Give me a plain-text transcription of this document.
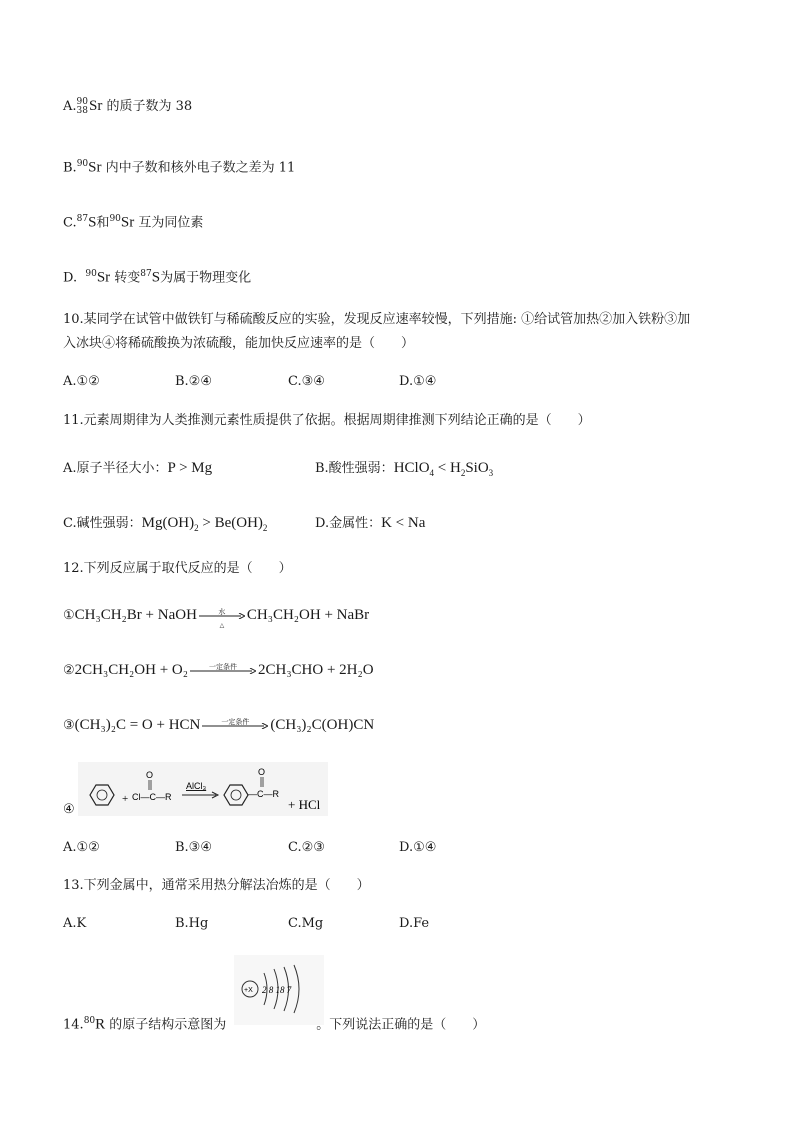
A. 90
38 Sr 的质子数为 38
B.$^{90}$Sr 内中子数和核外电子数之差为 11
C.$^{87}$S和$^{90}$Sr 互为同位素
D. $^{90}$Sr 转变$^{87}$S为属于物理变化
10.某同学在试管中做铁钉与稀硫酸反应的实验，发现反应速率较慢，下列措施: ①给试管加热②加入铁粉③加
入冰块④将稀硫酸换为浓硫酸，能加快反应速率的是（　　）
A.①②	B.②④	C.③④	D.①④
11.元素周期律为人类推测元素性质提供了依据。根据周期律推测下列结论正确的是（　　）
A.原子半径大小：P > Mg	B.酸性强弱：HClO$_4$ < $H_2SiO_3$
C.碱性强弱：$Mg(OH)_2 > Be(OH)_2$	D.金属性：K < Na
12.下列反应属于取代反应的是（　　）
①CH₃CH₂Br + NaOH	水
△
CH₃CH₂OH + NaBr
②2CH₃CH₂OH + O₂	一定条件	2CH₃CHO + 2H₂O
③(CH₃)₂C = O + HCN	一定条件	(CH₃)₂C(OH)CN
④
+
O
Cl—C—R
AlCl₃
O
—C—R
+ HCl
A.①②	B.③④	C.②③	D.①④
13.下列金属中，通常采用热分解法冶炼的是（　　）
A.K	B.Hg	C.Mg	D.Fe
+X 2 8 18 7
14.80R 的原子结构示意图为	。下列说法正确的是（　　）
